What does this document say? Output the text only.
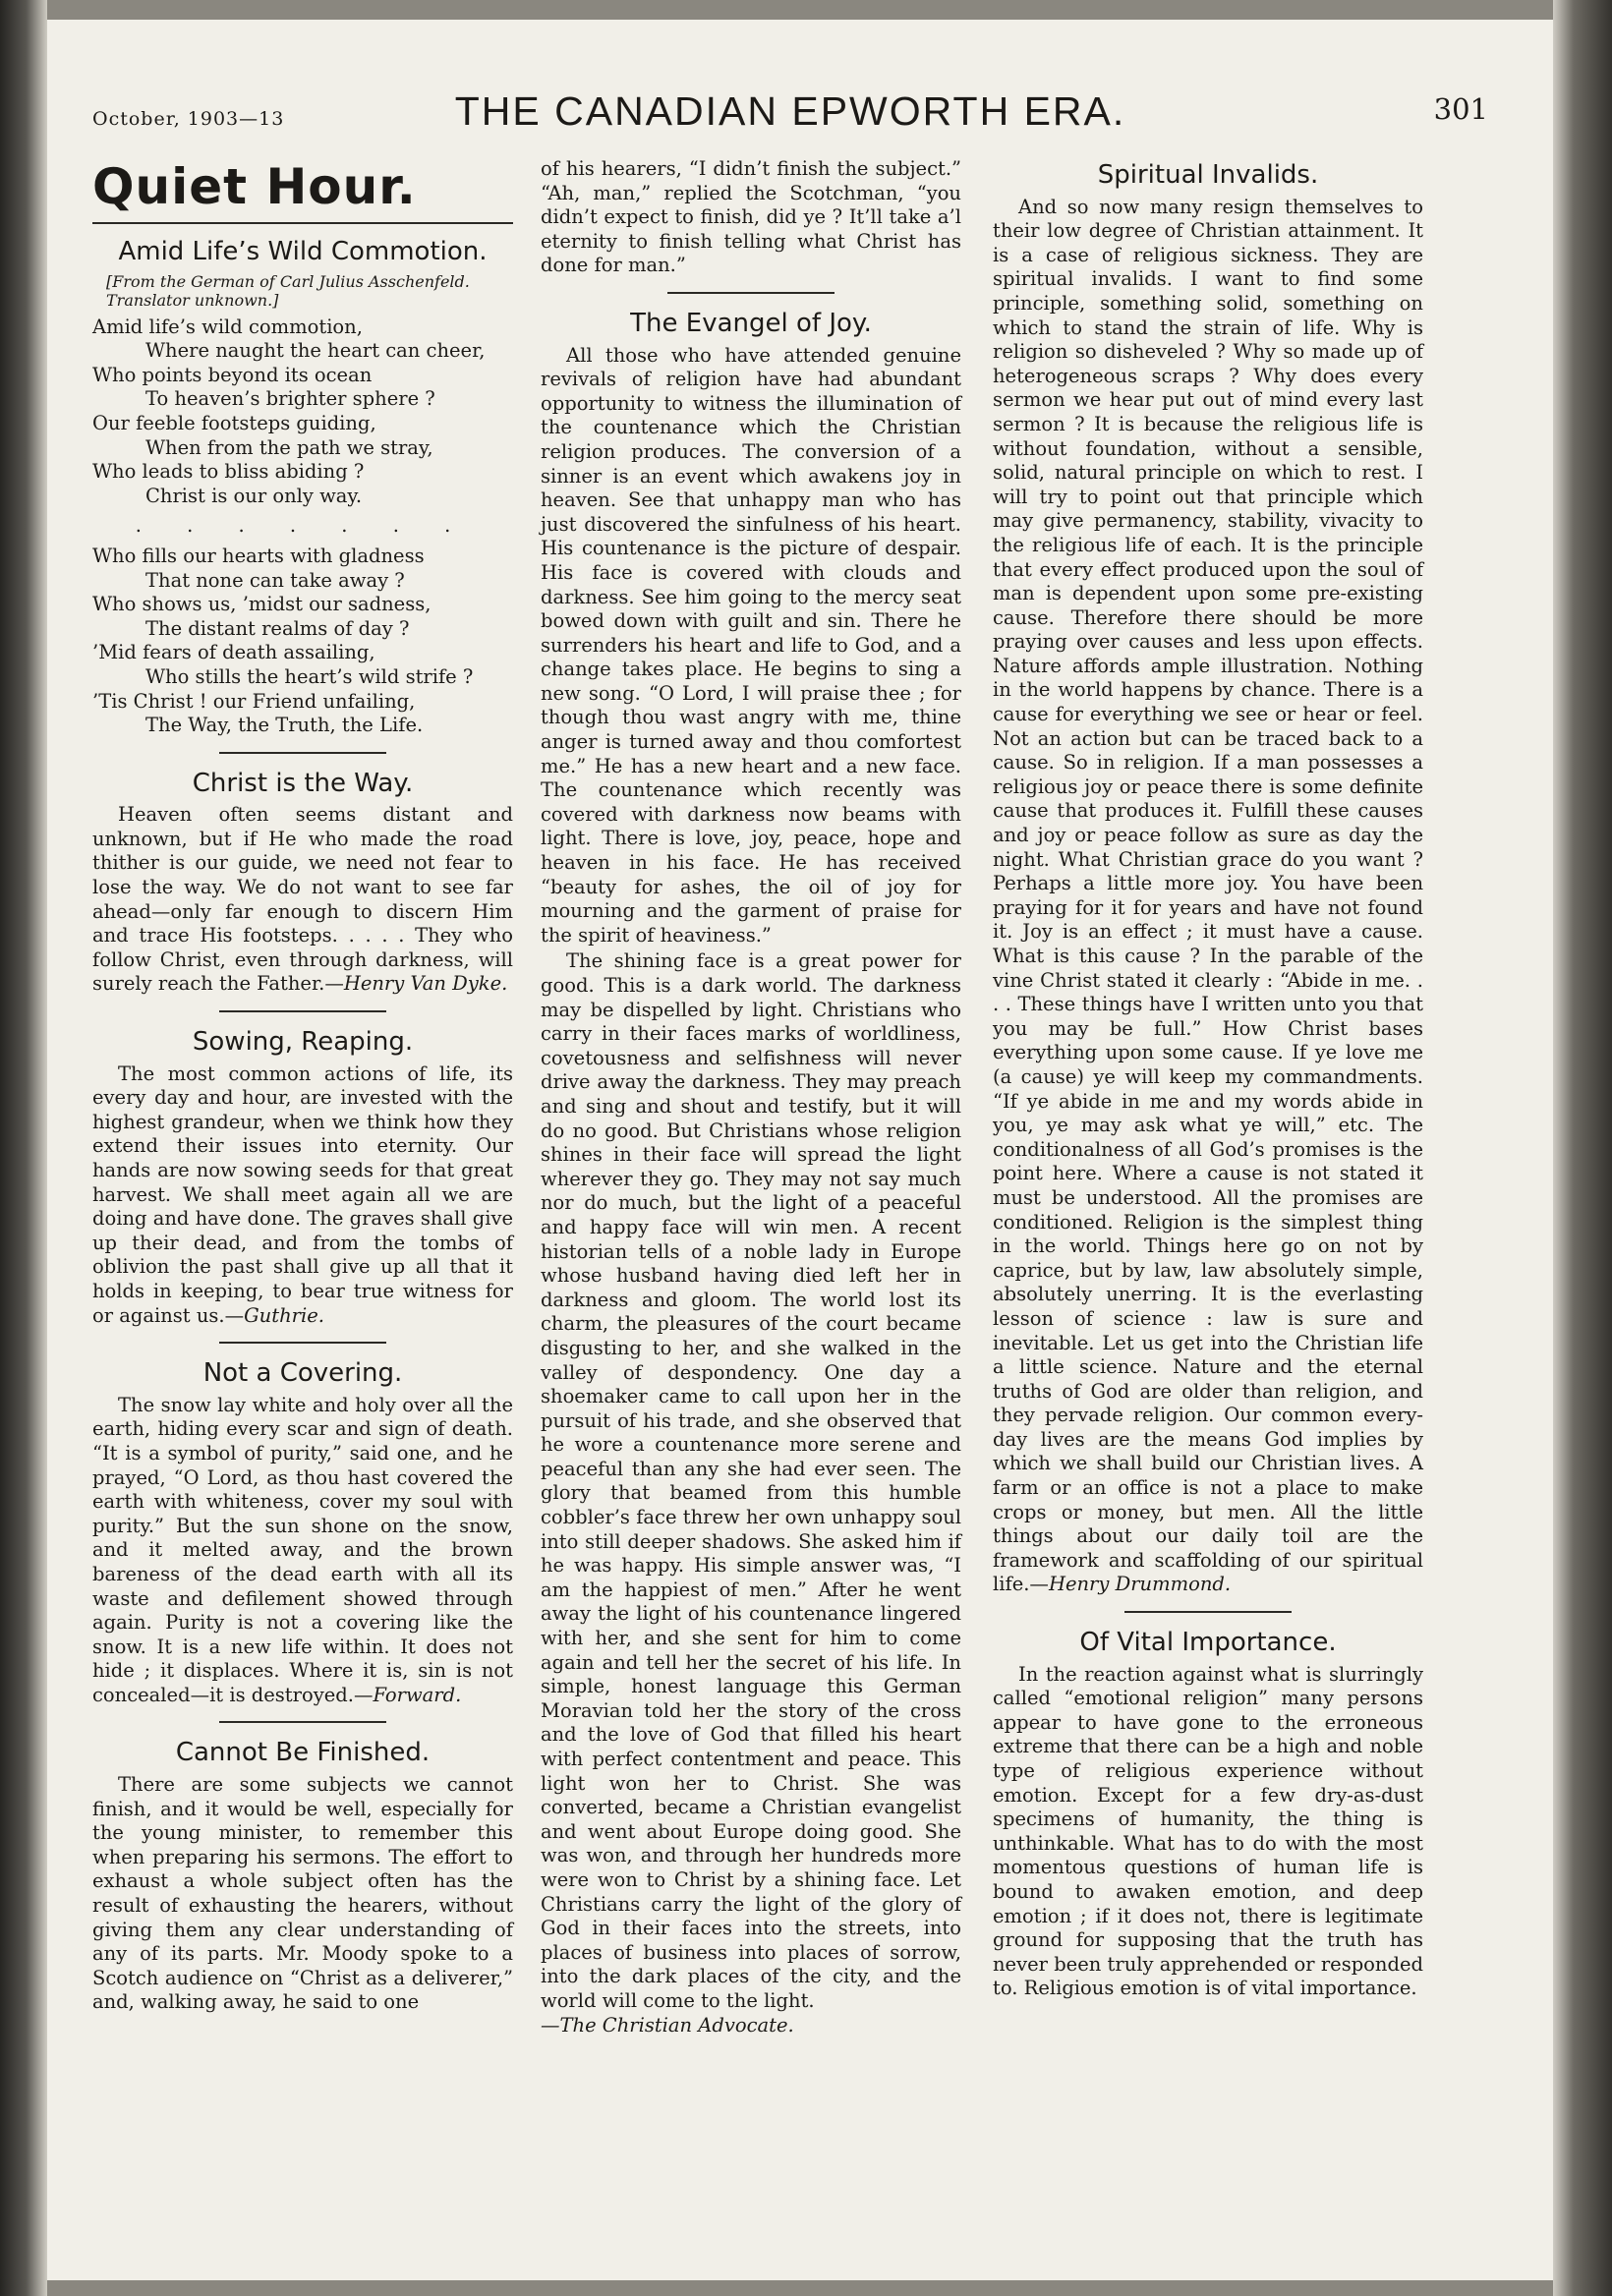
October, 1903—13	THE CANADIAN EPWORTH ERA.	301
Quiet Hour.
Amid Life’s Wild Commotion.
[From the German of Carl Julius Asschenfeld. Translator unknown.]
Amid life’s wild commotion,
Where naught the heart can cheer,
Who points beyond its ocean
To heaven’s brighter sphere ?
Our feeble footsteps guiding,
When from the path we stray,
Who leads to bliss abiding ?
Christ is our only way.
. . . . . . .
Who fills our hearts with gladness
That none can take away ?
Who shows us, ’midst our sadness,
The distant realms of day ?
’Mid fears of death assailing,
Who stills the heart’s wild strife ?
’Tis Christ ! our Friend unfailing,
The Way, the Truth, the Life.
Christ is the Way.

Heaven often seems distant and unknown, but if He who made the road thither is our guide, we need not fear to lose the way. We do not want to see far ahead—only far enough to discern Him and trace His footsteps. . . . . They who follow Christ, even through darkness, will surely reach the Father.—Henry Van Dyke.

Sowing, Reaping.

The most common actions of life, its every day and hour, are invested with the highest grandeur, when we think how they extend their issues into eternity. Our hands are now sowing seeds for that great harvest. We shall meet again all we are doing and have done. The graves shall give up their dead, and from the tombs of oblivion the past shall give up all that it holds in keeping, to bear true witness for or against us.—Guthrie.

Not a Covering.

The snow lay white and holy over all the earth, hiding every scar and sign of death. “It is a symbol of purity,” said one, and he prayed, “O Lord, as thou hast covered the earth with whiteness, cover my soul with purity.” But the sun shone on the snow, and it melted away, and the brown bareness of the dead earth with all its waste and defilement showed through again. Purity is not a covering like the snow. It is a new life within. It does not hide ; it displaces. Where it is, sin is not concealed—it is destroyed.—Forward.

Cannot Be Finished.

There are some subjects we cannot finish, and it would be well, especially for the young minister, to remember this when preparing his sermons. The effort to exhaust a whole subject often has the result of exhausting the hearers, without giving them any clear understanding of any of its parts. Mr. Moody spoke to a Scotch audience on “Christ as a deliverer,” and, walking away, he said to one

of his hearers, “I didn’t finish the subject.” “Ah, man,” replied the Scotchman, “you didn’t expect to finish, did ye ? It’ll take a’l eternity to finish telling what Christ has done for man.”

The Evangel of Joy.

All those who have attended genuine revivals of religion have had abundant opportunity to witness the illumination of the countenance which the Christian religion produces. The conversion of a sinner is an event which awakens joy in heaven. See that unhappy man who has just discovered the sinfulness of his heart. His countenance is the picture of despair. His face is covered with clouds and darkness. See him going to the mercy seat bowed down with guilt and sin. There he surrenders his heart and life to God, and a change takes place. He begins to sing a new song. “O Lord, I will praise thee ; for though thou wast angry with me, thine anger is turned away and thou comfortest me.” He has a new heart and a new face. The countenance which recently was covered with darkness now beams with light. There is love, joy, peace, hope and heaven in his face. He has received “beauty for ashes, the oil of joy for mourning and the garment of praise for the spirit of heaviness.”

The shining face is a great power for good. This is a dark world. The darkness may be dispelled by light. Christians who carry in their faces marks of worldliness, covetousness and selfishness will never drive away the darkness. They may preach and sing and shout and testify, but it will do no good. But Christians whose religion shines in their face will spread the light wherever they go. They may not say much nor do much, but the light of a peaceful and happy face will win men. A recent historian tells of a noble lady in Europe whose husband having died left her in darkness and gloom. The world lost its charm, the pleasures of the court became disgusting to her, and she walked in the valley of despondency. One day a shoemaker came to call upon her in the pursuit of his trade, and she observed that he wore a countenance more serene and peaceful than any she had ever seen. The glory that beamed from this humble cobbler’s face threw her own unhappy soul into still deeper shadows. She asked him if he was happy. His simple answer was, “I am the happiest of men.” After he went away the light of his countenance lingered with her, and she sent for him to come again and tell her the secret of his life. In simple, honest language this German Moravian told her the story of the cross and the love of God that filled his heart with perfect contentment and peace. This light won her to Christ. She was converted, became a Christian evangelist and went about Europe doing good. She was won, and through her hundreds more were won to Christ by a shining face. Let Christians carry the light of the glory of God in their faces into the streets, into places of business into places of sorrow, into the dark places of the city, and the world will come to the light.

—The Christian Advocate.
Spiritual Invalids.

And so now many resign themselves to their low degree of Christian attainment. It is a case of religious sickness. They are spiritual invalids. I want to find some principle, something solid, something on which to stand the strain of life. Why is religion so disheveled ? Why so made up of heterogeneous scraps ? Why does every sermon we hear put out of mind every last sermon ? It is because the religious life is without foundation, without a sensible, solid, natural principle on which to rest. I will try to point out that principle which may give permanency, stability, vivacity to the religious life of each. It is the principle that every effect produced upon the soul of man is dependent upon some pre-existing cause. Therefore there should be more praying over causes and less upon effects. Nature affords ample illustration. Nothing in the world happens by chance. There is a cause for everything we see or hear or feel. Not an action but can be traced back to a cause. So in religion. If a man possesses a religious joy or peace there is some definite cause that produces it. Fulfill these causes and joy or peace follow as sure as day the night. What Christian grace do you want ? Perhaps a little more joy. You have been praying for it for years and have not found it. Joy is an effect ; it must have a cause. What is this cause ? In the parable of the vine Christ stated it clearly : “Abide in me. . . . These things have I written unto you that you may be full.” How Christ bases everything upon some cause. If ye love me (a cause) ye will keep my commandments. “If ye abide in me and my words abide in you, ye may ask what ye will,” etc. The conditionalness of all God’s promises is the point here. Where a cause is not stated it must be understood. All the promises are conditioned. Religion is the simplest thing in the world. Things here go on not by caprice, but by law, law absolutely simple, absolutely unerring. It is the everlasting lesson of science : law is sure and inevitable. Let us get into the Christian life a little science. Nature and the eternal truths of God are older than religion, and they pervade religion. Our common every-day lives are the means God implies by which we shall build our Christian lives. A farm or an office is not a place to make crops or money, but men. All the little things about our daily toil are the framework and scaffolding of our spiritual life.—Henry Drummond.

Of Vital Importance.

In the reaction against what is slurringly called “emotional religion” many persons appear to have gone to the erroneous extreme that there can be a high and noble type of religious experience without emotion. Except for a few dry-as-dust specimens of humanity, the thing is unthinkable. What has to do with the most momentous questions of human life is bound to awaken emotion, and deep emotion ; if it does not, there is legitimate ground for supposing that the truth has never been truly apprehended or responded to. Religious emotion is of vital importance.
